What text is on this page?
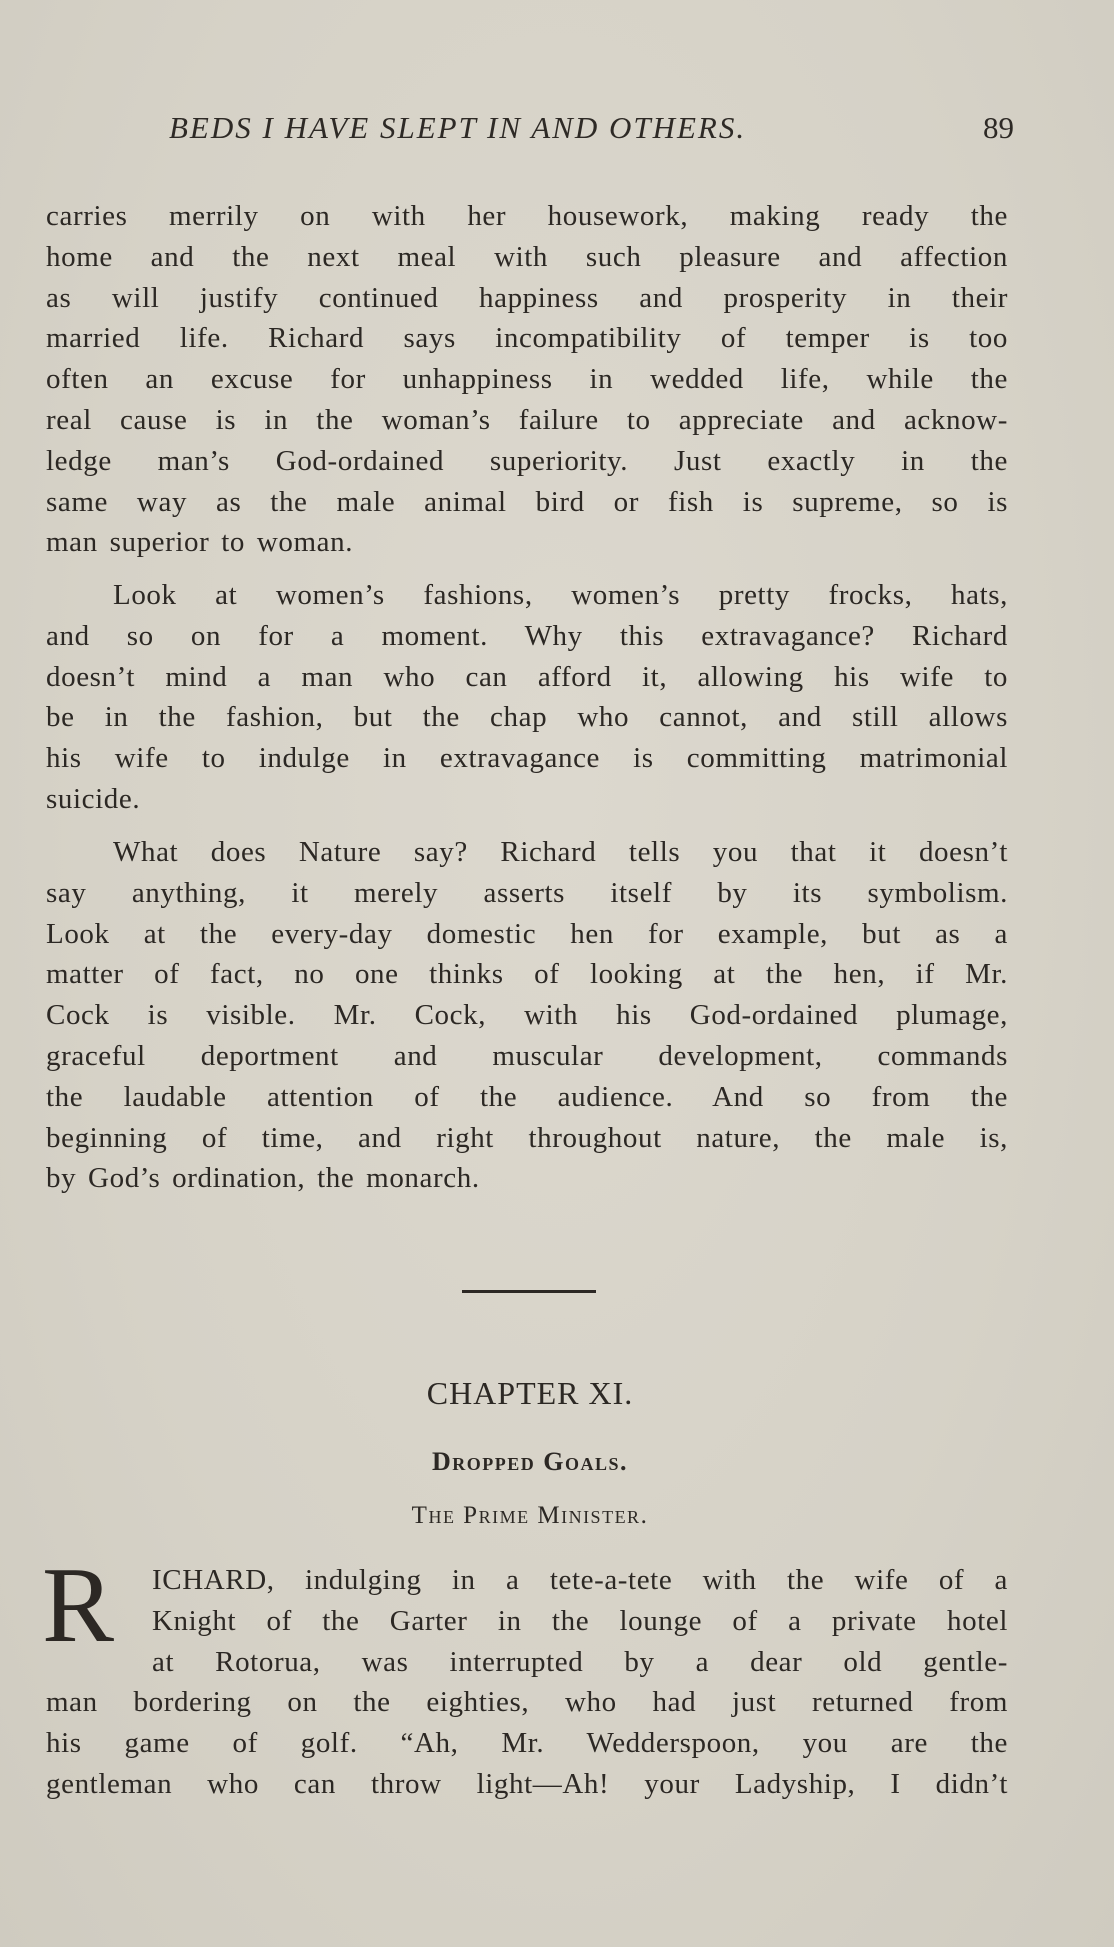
BEDS I HAVE SLEPT IN AND OTHERS.	89
carries merrily on with her housework, making ready the
home and the next meal with such pleasure and affection
as will justify continued happiness and prosperity in their
married life. Richard says incompatibility of temper is too
often an excuse for unhappiness in wedded life, while the
real cause is in the woman’s failure to appreciate and acknow-
ledge man’s God-ordained superiority. Just exactly in the
same way as the male animal bird or fish is supreme, so is
man superior to woman.
Look at women’s fashions, women’s pretty frocks, hats,
and so on for a moment. Why this extravagance? Richard
doesn’t mind a man who can afford it, allowing his wife to
be in the fashion, but the chap who cannot, and still allows
his wife to indulge in extravagance is committing matrimonial
suicide.
What does Nature say? Richard tells you that it doesn’t
say anything, it merely asserts itself by its symbolism.
Look at the every-day domestic hen for example, but as a
matter of fact, no one thinks of looking at the hen, if Mr.
Cock is visible. Mr. Cock, with his God-ordained plumage,
graceful deportment and muscular development, commands
the laudable attention of the audience. And so from the
beginning of time, and right throughout nature, the male is,
by God’s ordination, the monarch.
CHAPTER XI.
Dropped Goals.
The Prime Minister.
R	ICHARD, indulging in a tete-a-tete with the wife of a
Knight of the Garter in the lounge of a private hotel
at Rotorua, was interrupted by a dear old gentle-
man bordering on the eighties, who had just returned from
his game of golf. “Ah, Mr. Wedderspoon, you are the
gentleman who can throw light—Ah! your Ladyship, I didn’t
